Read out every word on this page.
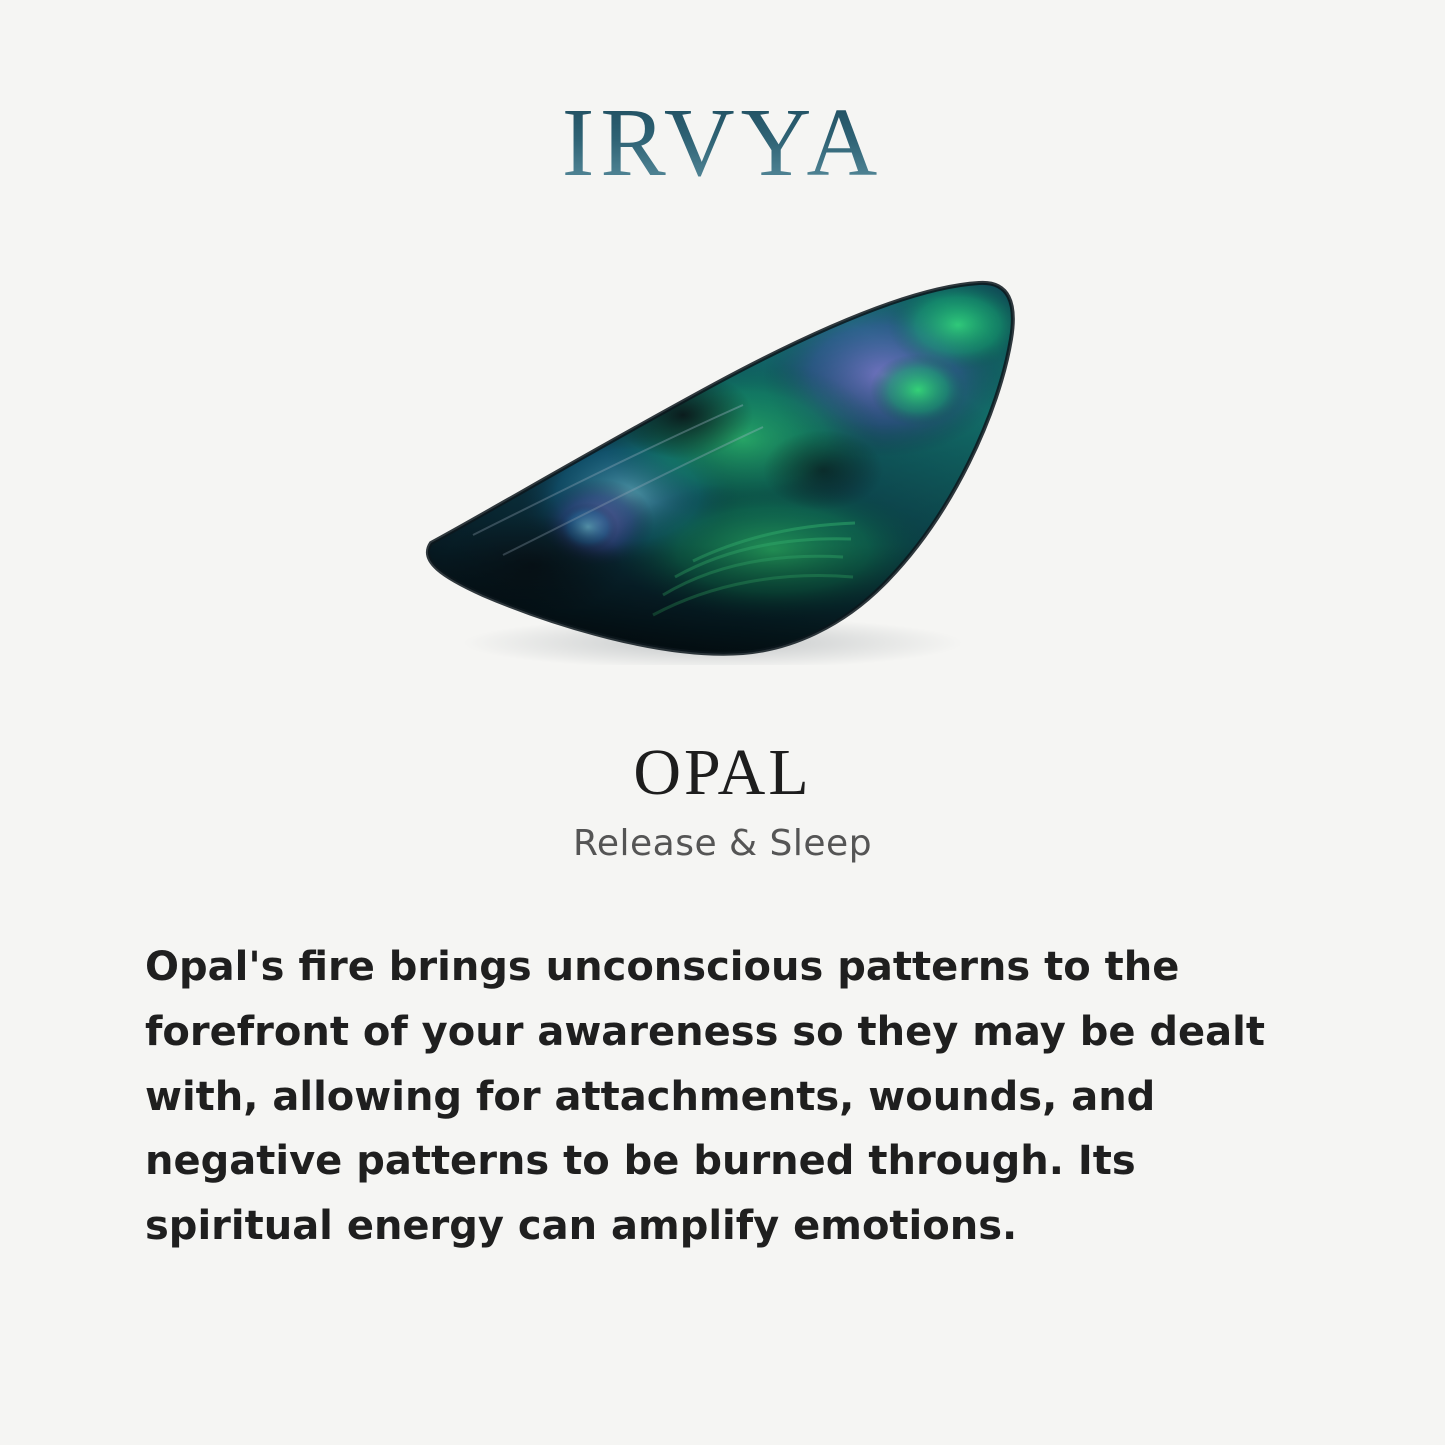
IRVYA
OPAL
Release & Sleep
Opal's fire brings unconscious patterns to the forefront of your awareness so they may be dealt with, allowing for attachments, wounds, and negative patterns to be burned through. Its spiritual energy can amplify emotions.
